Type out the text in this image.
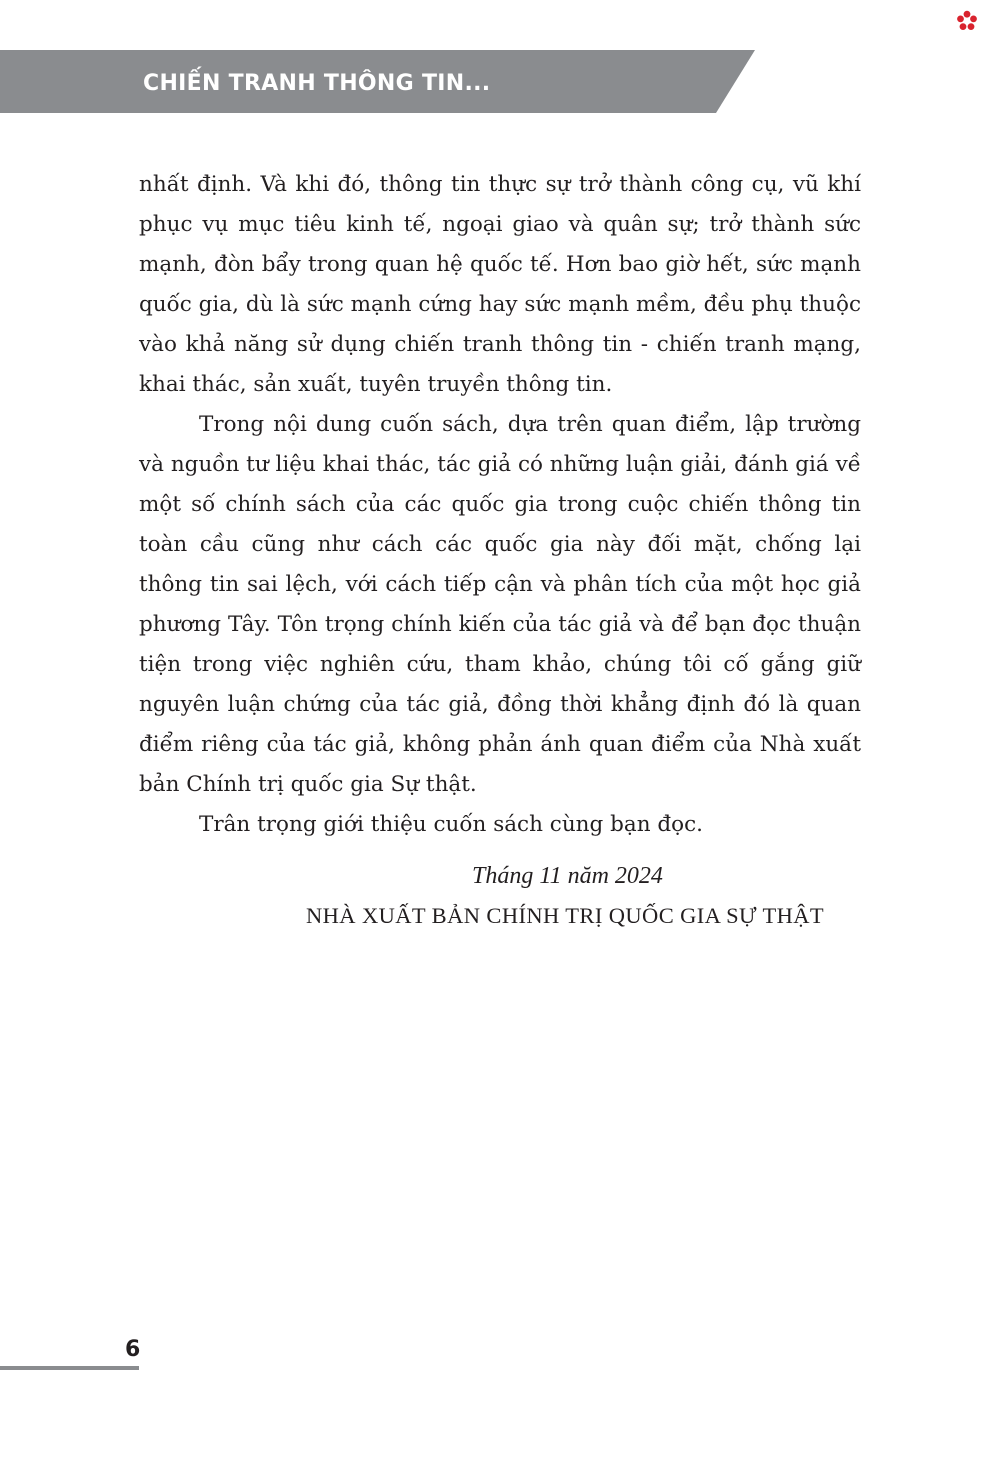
CHIẾN TRANH THÔNG TIN...

nhất định. Và khi đó, thông tin thực sự trở thành công cụ, vũ khí phục vụ mục tiêu kinh tế, ngoại giao và quân sự; trở thành sức mạnh, đòn bẩy trong quan hệ quốc tế. Hơn bao giờ hết, sức mạnh quốc gia, dù là sức mạnh cứng hay sức mạnh mềm, đều phụ thuộc vào khả năng sử dụng chiến tranh thông tin - chiến tranh mạng, khai thác, sản xuất, tuyên truyền thông tin.

Trong nội dung cuốn sách, dựa trên quan điểm, lập trường và nguồn tư liệu khai thác, tác giả có những luận giải, đánh giá về một số chính sách của các quốc gia trong cuộc chiến thông tin toàn cầu cũng như cách các quốc gia này đối mặt, chống lại thông tin sai lệch, với cách tiếp cận và phân tích của một học giả phương Tây. Tôn trọng chính kiến của tác giả và để bạn đọc thuận tiện trong việc nghiên cứu, tham khảo, chúng tôi cố gắng giữ nguyên luận chứng của tác giả, đồng thời khẳng định đó là quan điểm riêng của tác giả, không phản ánh quan điểm của Nhà xuất bản Chính trị quốc gia Sự thật.

Trân trọng giới thiệu cuốn sách cùng bạn đọc.

Tháng 11 năm 2024
NHÀ XUẤT BẢN CHÍNH TRỊ QUỐC GIA SỰ THẬT
6
